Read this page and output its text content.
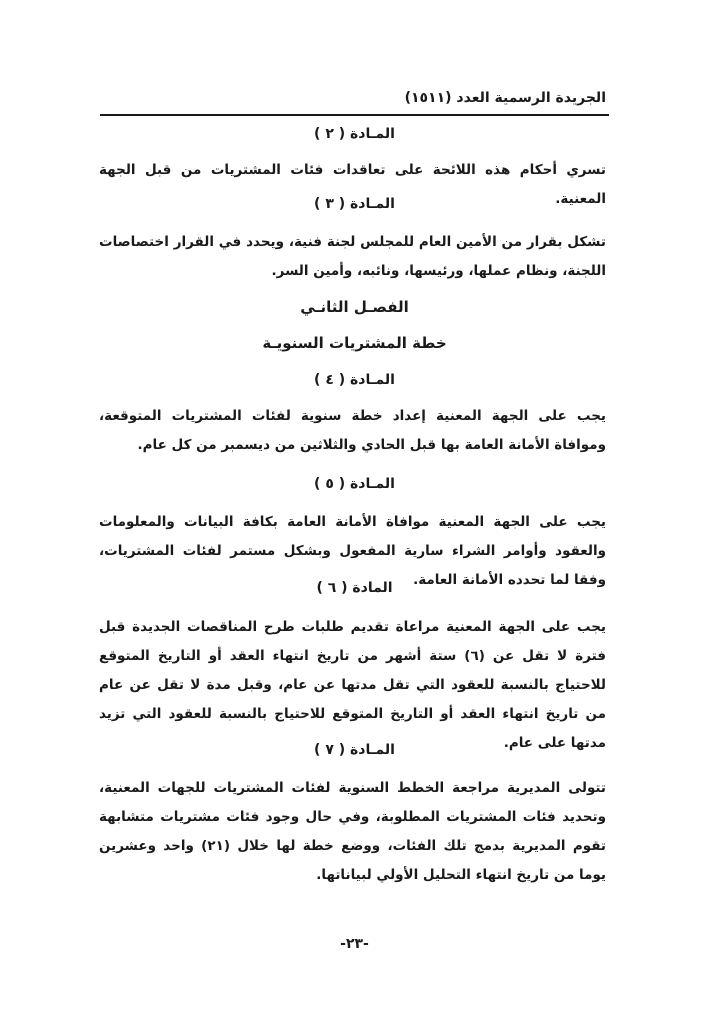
الجريدة الرسمية العدد (١٥١١)
المـادة ( ٢ )
تسري أحكام هذه اللائحة على تعاقدات فئات المشتريات من قبل الجهة المعنية.
المـادة ( ٣ )
تشكل بقرار من الأمين العام للمجلس لجنة فنية، ويحدد في القرار اختصاصات اللجنة، ونظام عملها، ورئيسها، ونائبه، وأمين السر.
الفصـل الثانـي
خطة المشتريات السنويـة
المـادة ( ٤ )
يجب على الجهة المعنية إعداد خطة سنوية لفئات المشتريات المتوقعة، وموافاة الأمانة العامة بها قبل الحادي والثلاثين من ديسمبر من كل عام.
المـادة ( ٥ )
يجب على الجهة المعنية موافاة الأمانة العامة بكافة البيانات والمعلومات والعقود وأوامر الشراء سارية المفعول وبشكل مستمر لفئات المشتريات، وفقا لما تحدده الأمانة العامة.
المادة ( ٦ )
يجب على الجهة المعنية مراعاة تقديم طلبات طرح المناقصات الجديدة قبل فترة لا تقل عن (٦) ستة أشهر من تاريخ انتهاء العقد أو التاريخ المتوقع للاحتياج بالنسبة للعقود التي تقل مدتها عن عام، وقبل مدة لا تقل عن عام من تاريخ انتهاء العقد أو التاريخ المتوقع للاحتياج بالنسبة للعقود التي تزيد مدتها على عام.
المـادة ( ٧ )
تتولى المديرية مراجعة الخطط السنوية لفئات المشتريات للجهات المعنية، وتحديد فئات المشتريات المطلوبة، وفي حال وجود فئات مشتريات متشابهة تقوم المديرية بدمج تلك الفئات، ووضع خطة لها خلال (٢١) واحد وعشرين يوما من تاريخ انتهاء التحليل الأولي لبياناتها.
-٢٣-
